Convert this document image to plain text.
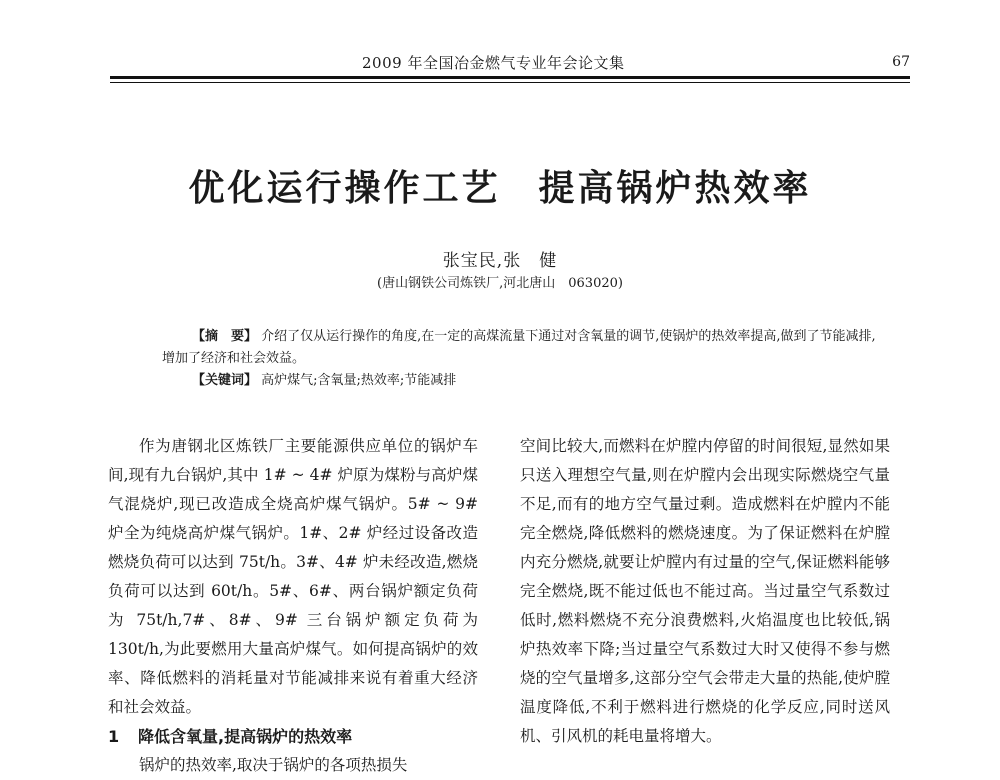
2009 年全国冶金燃气专业年会论文集	67
优化运行操作工艺 提高锅炉热效率
张宝民,张　健
(唐山钢铁公司炼铁厂,河北唐山　063020)

【摘　要】 介绍了仅从运行操作的角度,在一定的高煤流量下通过对含氧量的调节,使锅炉的热效率提高,做到了节能减排,增加了经济和社会效益。

【关键词】 高炉煤气;含氧量;热效率;节能减排

作为唐钢北区炼铁厂主要能源供应单位的锅炉车间,现有九台锅炉,其中 1# ~ 4# 炉原为煤粉与高炉煤气混烧炉,现已改造成全烧高炉煤气锅炉。5# ~ 9# 炉全为纯烧高炉煤气锅炉。1#、2# 炉经过设备改造燃烧负荷可以达到 75t/h。3#、4# 炉未经改造,燃烧负荷可以达到 60t/h。5#、6#、两台锅炉额定负荷为 75t/h,7#、8#、9# 三台锅炉额定负荷为 130t/h,为此要燃用大量高炉煤气。如何提高锅炉的效率、降低燃料的消耗量对节能减排来说有着重大经济和社会效益。

1 降低含氧量,提高锅炉的热效率

锅炉的热效率,取决于锅炉的各项热损失

空间比较大,而燃料在炉膛内停留的时间很短,显然如果只送入理想空气量,则在炉膛内会出现实际燃烧空气量不足,而有的地方空气量过剩。造成燃料在炉膛内不能完全燃烧,降低燃料的燃烧速度。为了保证燃料在炉膛内充分燃烧,就要让炉膛内有过量的空气,保证燃料能够完全燃烧,既不能过低也不能过高。当过量空气系数过低时,燃料燃烧不充分浪费燃料,火焰温度也比较低,锅炉热效率下降;当过量空气系数过大时又使得不参与燃烧的空气量增多,这部分空气会带走大量的热能,使炉膛温度降低,不利于燃料进行燃烧的化学反应,同时送风机、引风机的耗电量将增大。
